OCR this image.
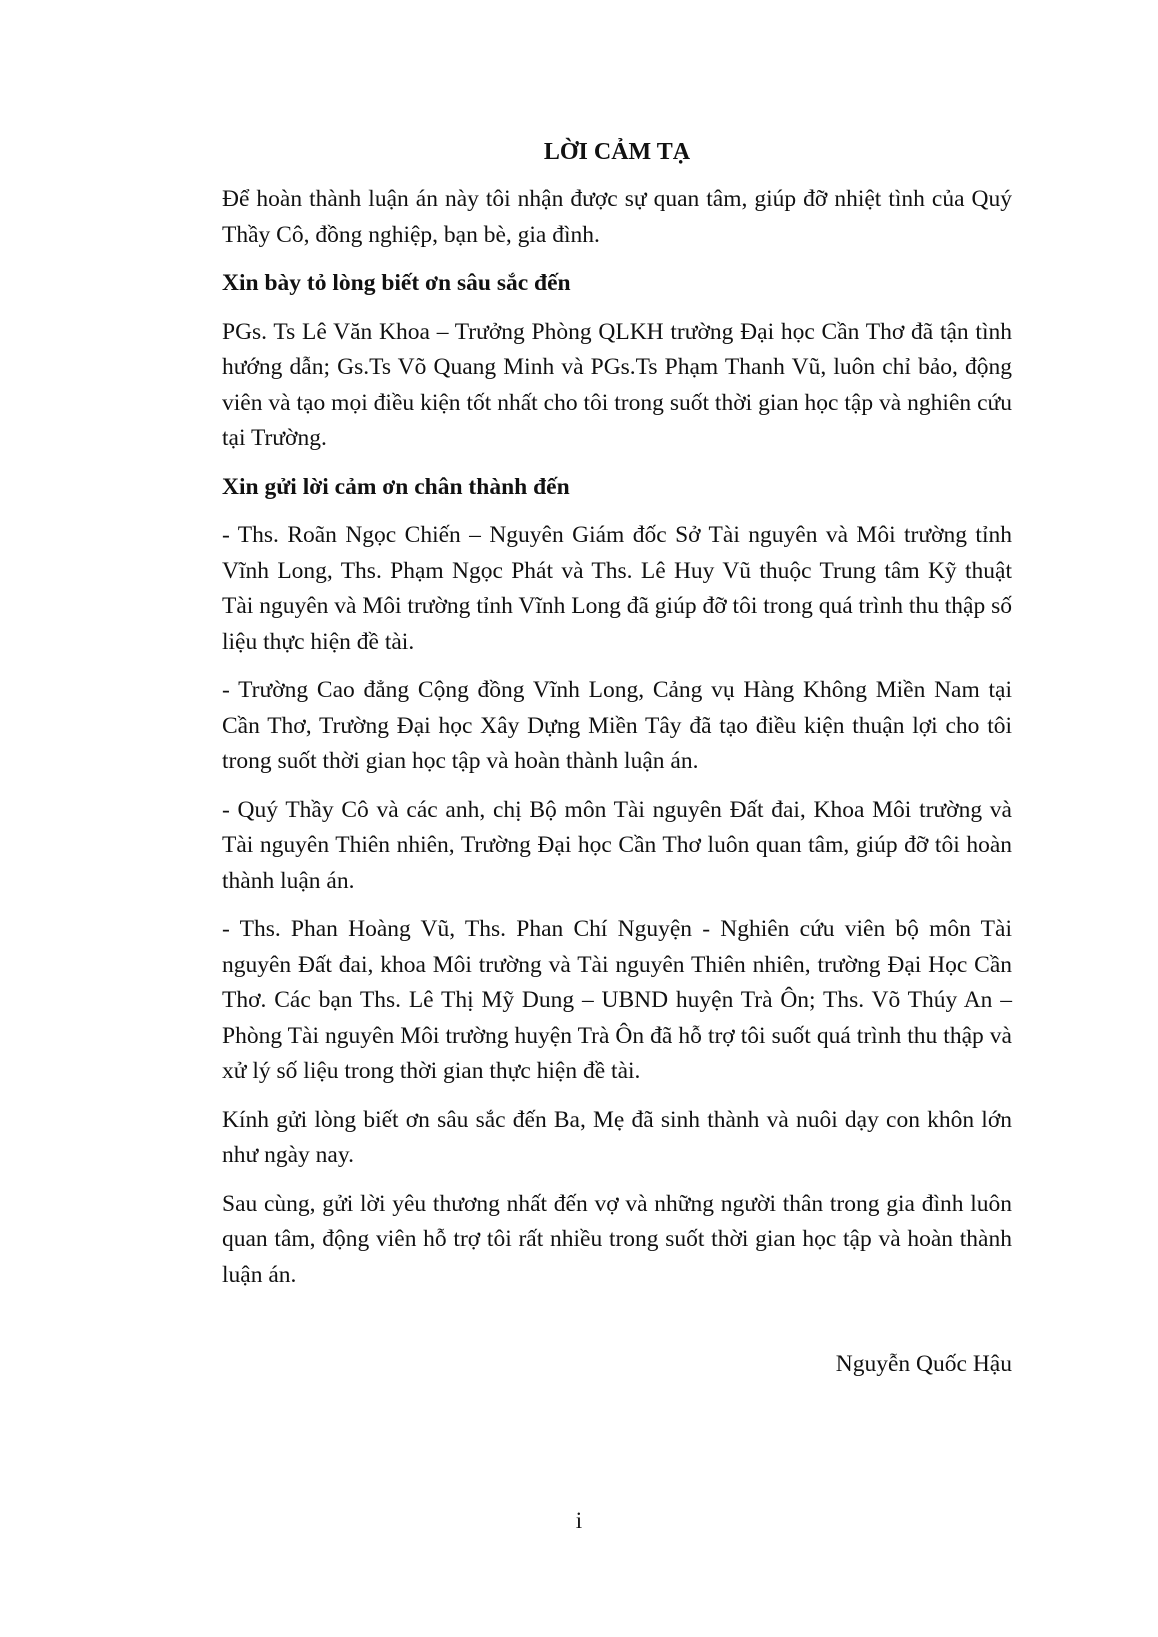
LỜI CẢM TẠ

Để hoàn thành luận án này tôi nhận được sự quan tâm, giúp đỡ nhiệt tình của Quý Thầy Cô, đồng nghiệp, bạn bè, gia đình.

Xin bày tỏ lòng biết ơn sâu sắc đến

PGs. Ts Lê Văn Khoa – Trưởng Phòng QLKH trường Đại học Cần Thơ đã tận tình hướng dẫn; Gs.Ts Võ Quang Minh và PGs.Ts Phạm Thanh Vũ, luôn chỉ bảo, động viên và tạo mọi điều kiện tốt nhất cho tôi trong suốt thời gian học tập và nghiên cứu tại Trường.

Xin gửi lời cảm ơn chân thành đến

- Ths. Roãn Ngọc Chiến – Nguyên Giám đốc Sở Tài nguyên và Môi trường tỉnh Vĩnh Long, Ths. Phạm Ngọc Phát và Ths. Lê Huy Vũ thuộc Trung tâm Kỹ thuật Tài nguyên và Môi trường tỉnh Vĩnh Long đã giúp đỡ tôi trong quá trình thu thập số liệu thực hiện đề tài.

- Trường Cao đẳng Cộng đồng Vĩnh Long, Cảng vụ Hàng Không Miền Nam tại Cần Thơ, Trường Đại học Xây Dựng Miền Tây đã tạo điều kiện thuận lợi cho tôi trong suốt thời gian học tập và hoàn thành luận án.

- Quý Thầy Cô và các anh, chị Bộ môn Tài nguyên Đất đai, Khoa Môi trường và Tài nguyên Thiên nhiên, Trường Đại học Cần Thơ luôn quan tâm, giúp đỡ tôi hoàn thành luận án.

- Ths. Phan Hoàng Vũ, Ths. Phan Chí Nguyện - Nghiên cứu viên bộ môn Tài nguyên Đất đai, khoa Môi trường và Tài nguyên Thiên nhiên, trường Đại Học Cần Thơ. Các bạn Ths. Lê Thị Mỹ Dung – UBND huyện Trà Ôn; Ths. Võ Thúy An – Phòng Tài nguyên Môi trường huyện Trà Ôn đã hỗ trợ tôi suốt quá trình thu thập và xử lý số liệu trong thời gian thực hiện đề tài.

Kính gửi lòng biết ơn sâu sắc đến Ba, Mẹ đã sinh thành và nuôi dạy con khôn lớn như ngày nay.

Sau cùng, gửi lời yêu thương nhất đến vợ và những người thân trong gia đình luôn quan tâm, động viên hỗ trợ tôi rất nhiều trong suốt thời gian học tập và hoàn thành luận án.

Nguyễn Quốc Hậu
i
